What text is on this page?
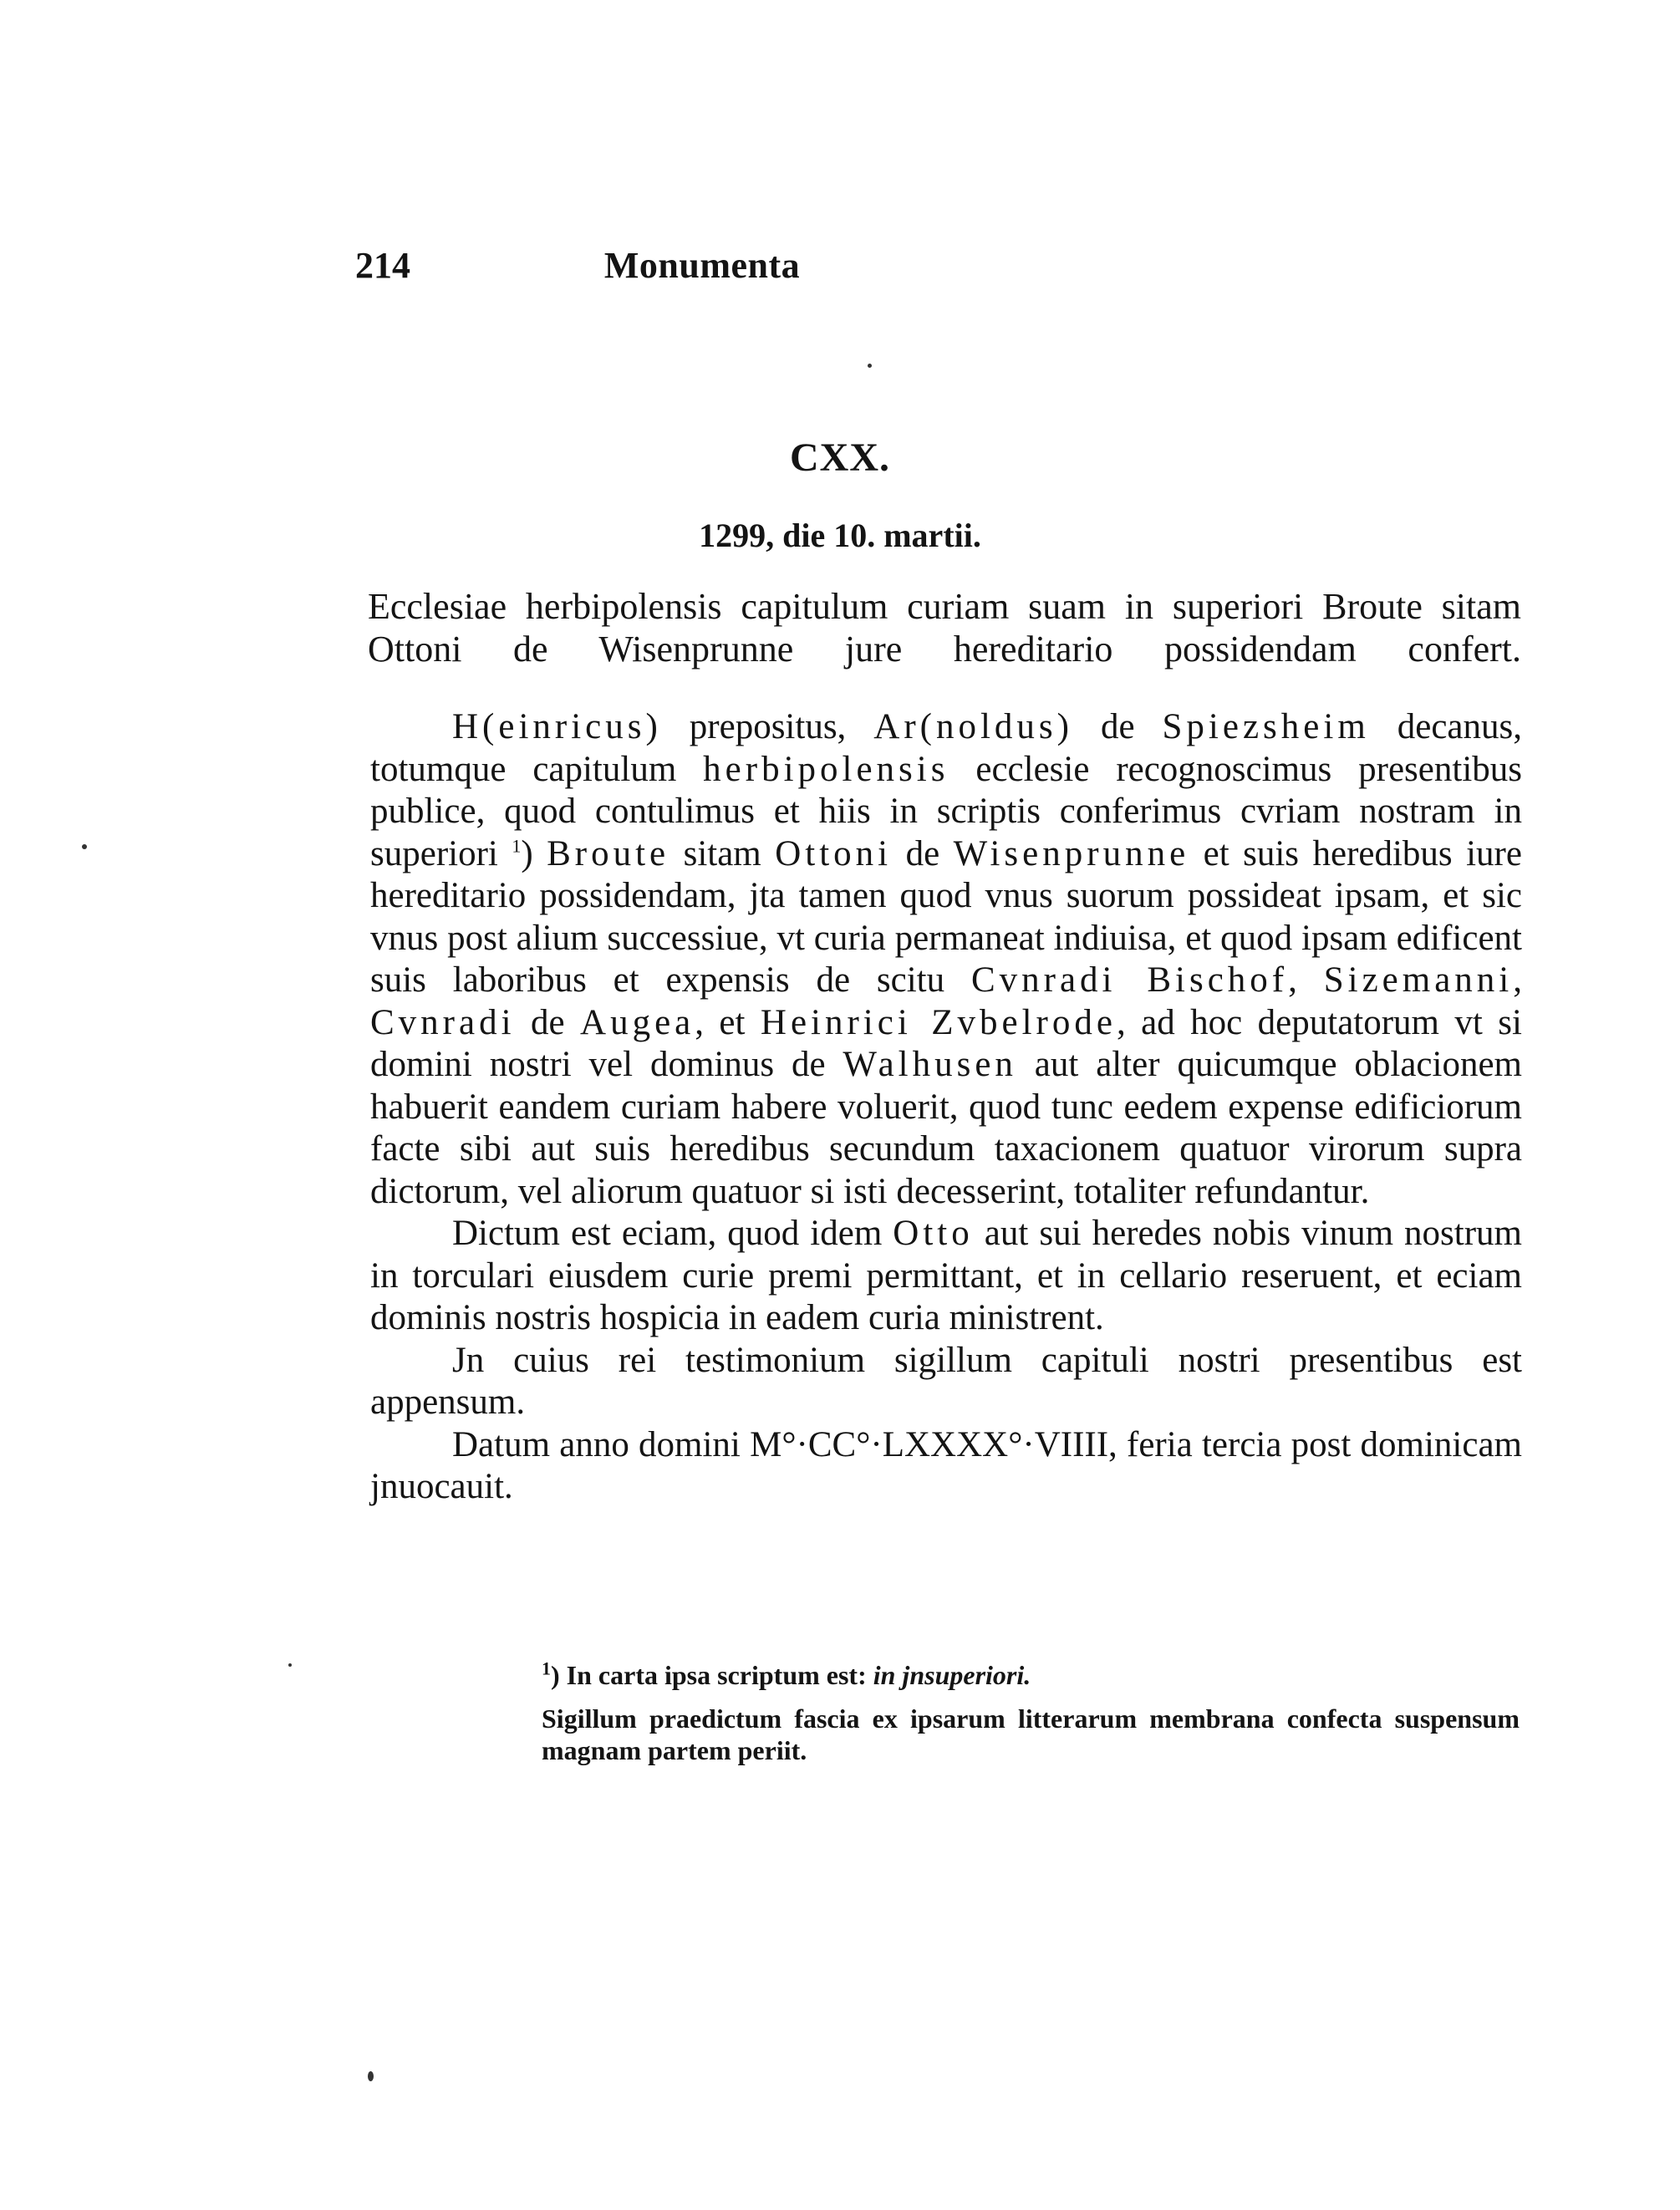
214	Monumenta
CXX.
1299, die 10. martii.

Ecclesiae herbipolensis capitulum curiam suam in superiori Broute sitam Ottoni de Wisenprunne jure hereditario possidendam confert.

H(einricus) prepositus, Ar(noldus) de Spiezsheim decanus, totumque capitulum herbipolensis ecclesie recognoscimus presentibus publice, quod contulimus et hiis in scriptis conferimus cvriam nostram in superiori $^1$) Broute sitam Ottoni de Wisenprunne et suis heredibus iure hereditario possidendam, jta tamen quod vnus suorum possideat ipsam, et sic vnus post alium successiue, vt curia permaneat indiuisa, et quod ipsam edificent suis laboribus et expensis de scitu Cvnradi Bischof, Sizemanni, Cvnradi de Augea, et Heinrici Zvbelrode, ad hoc deputatorum vt si domini nostri vel dominus de Walhusen aut alter quicumque oblacionem habuerit eandem curiam habere voluerit, quod tunc eedem expense edificiorum facte sibi aut suis heredibus secundum taxacionem quatuor virorum supra dictorum, vel aliorum quatuor si isti decesserint, totaliter refundantur.

Dictum est eciam, quod idem Otto aut sui heredes nobis vinum nostrum in torculari eiusdem curie premi permittant, et in cellario reseruent, et eciam dominis nostris hospicia in eadem curia ministrent.

Jn cuius rei testimonium sigillum capituli nostri presentibus est appensum.

Datum anno domini M°·CC°·LXXXX°·VIIII, feria tercia post dominicam jnuocauit.

$^1$) In carta ipsa scriptum est: in jnsuperiori.

Sigillum praedictum fascia ex ipsarum litterarum membrana confecta suspensum magnam partem periit.
